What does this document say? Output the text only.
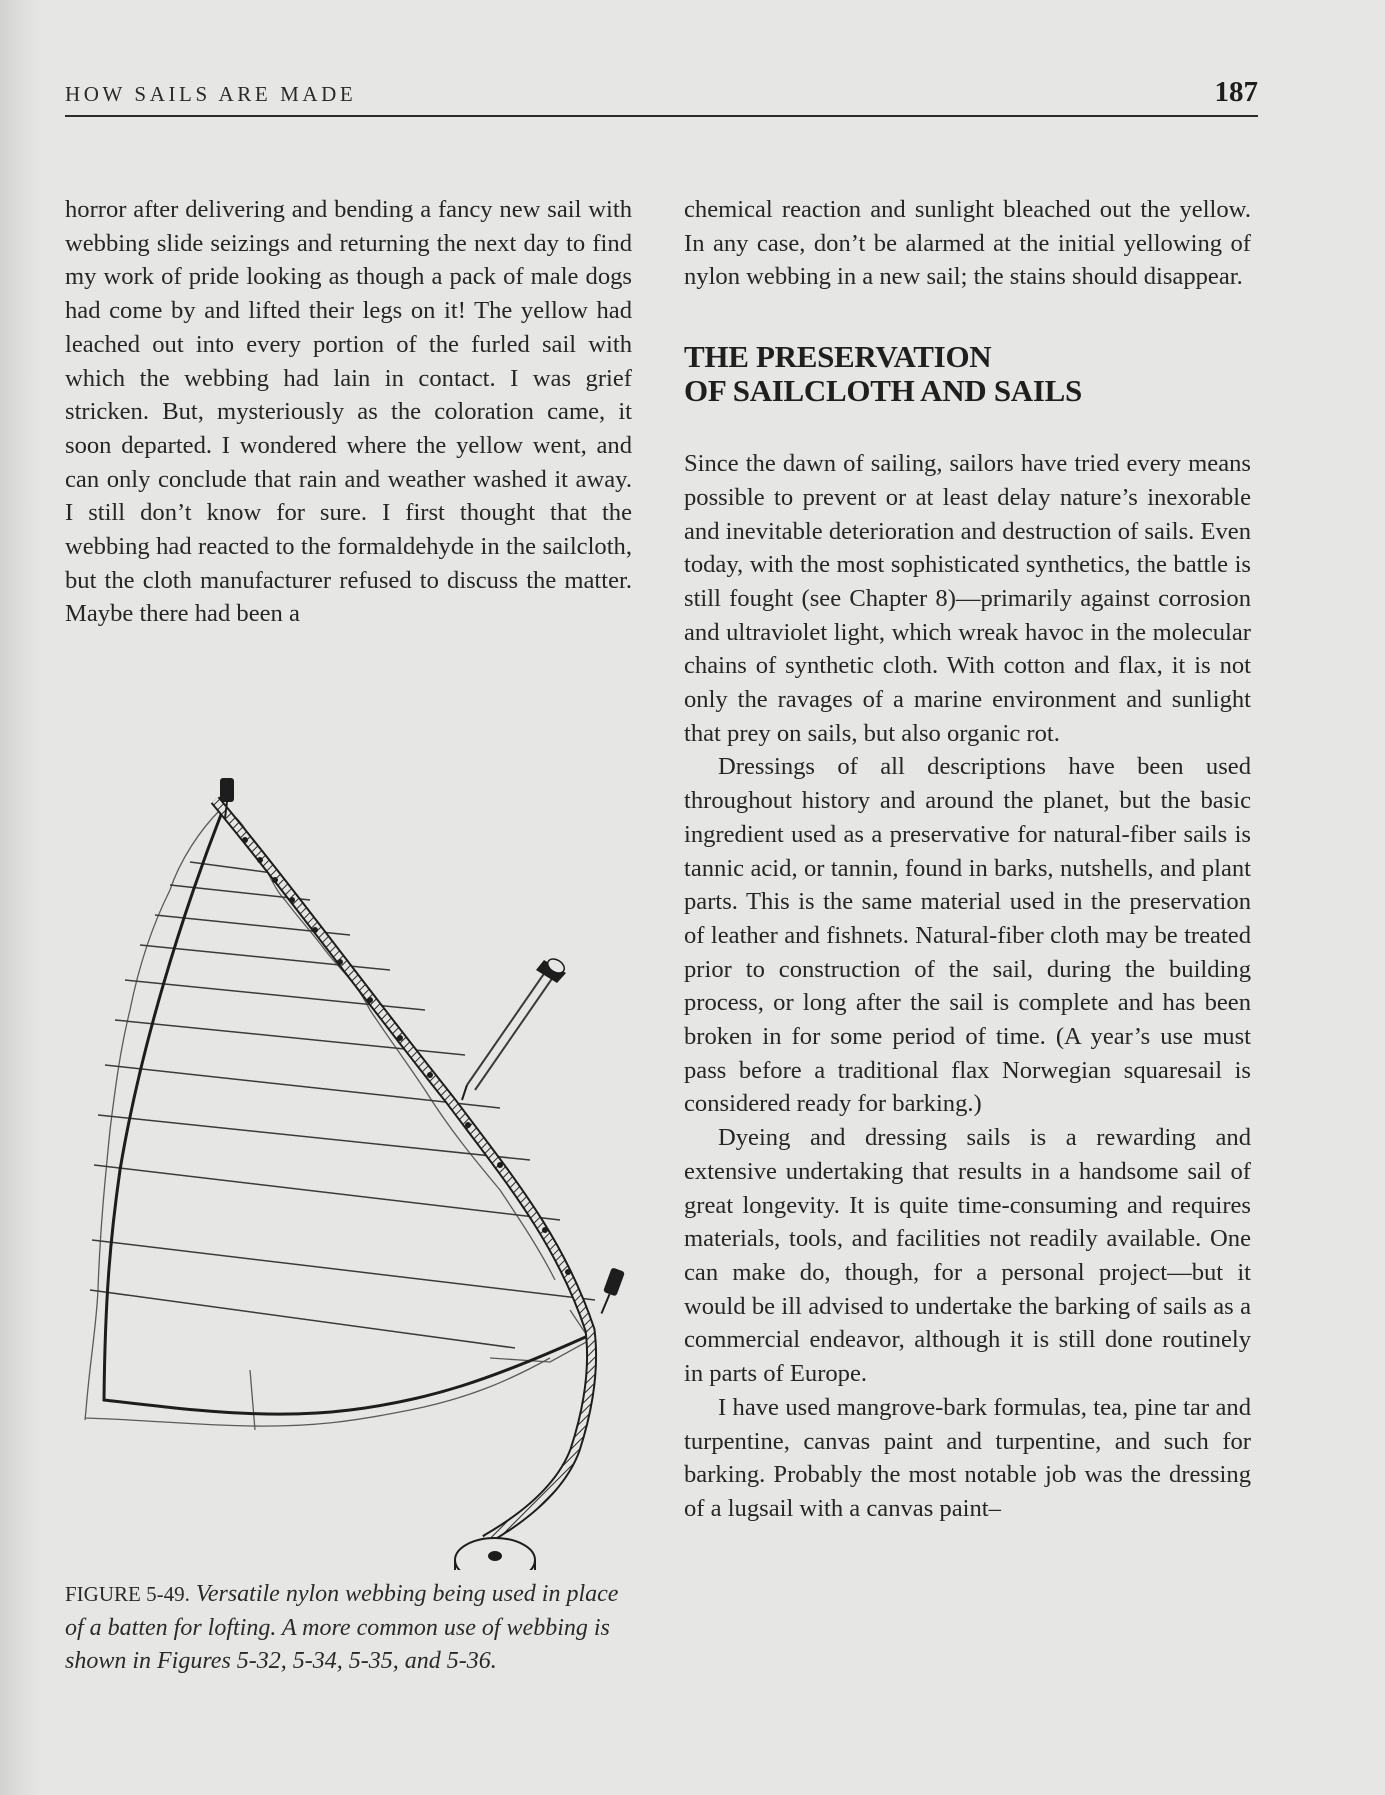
HOW SAILS ARE MADE	187

horror after delivering and bending a fancy new sail with webbing slide seizings and returning the next day to find my work of pride looking as though a pack of male dogs had come by and lifted their legs on it! The yellow had leached out into every portion of the furled sail with which the webbing had lain in contact. I was grief stricken. But, mysteriously as the coloration came, it soon departed. I wondered where the yellow went, and can only conclude that rain and weather washed it away. I still don’t know for sure. I first thought that the webbing had reacted to the formaldehyde in the sailcloth, but the cloth manufacturer refused to discuss the matter. Maybe there had been a

FIGURE 5-49. Versatile nylon webbing being used in place of a batten for lofting. A more common use of webbing is shown in Figures 5-32, 5-34, 5-35, and 5-36.

chemical reaction and sunlight bleached out the yellow. In any case, don’t be alarmed at the initial yellowing of nylon webbing in a new sail; the stains should disappear.

THE PRESERVATION
OF SAILCLOTH AND SAILS

Since the dawn of sailing, sailors have tried every means possible to prevent or at least delay nature’s inexorable and inevitable deterioration and destruction of sails. Even today, with the most sophisticated synthetics, the battle is still fought (see Chapter 8)—primarily against corrosion and ultraviolet light, which wreak havoc in the molecular chains of synthetic cloth. With cotton and flax, it is not only the ravages of a marine environment and sunlight that prey on sails, but also organic rot.

Dressings of all descriptions have been used throughout history and around the planet, but the basic ingredient used as a preservative for natural-fiber sails is tannic acid, or tannin, found in barks, nutshells, and plant parts. This is the same material used in the preservation of leather and fishnets. Natural-fiber cloth may be treated prior to construction of the sail, during the building process, or long after the sail is complete and has been broken in for some period of time. (A year’s use must pass before a traditional flax Norwegian squaresail is considered ready for barking.)

Dyeing and dressing sails is a rewarding and extensive undertaking that results in a handsome sail of great longevity. It is quite time-consuming and requires materials, tools, and facilities not readily available. One can make do, though, for a personal project—but it would be ill advised to undertake the barking of sails as a commercial endeavor, although it is still done routinely in parts of Europe.

I have used mangrove-bark formulas, tea, pine tar and turpentine, canvas paint and turpentine, and such for barking. Probably the most notable job was the dressing of a lugsail with a canvas paint–
